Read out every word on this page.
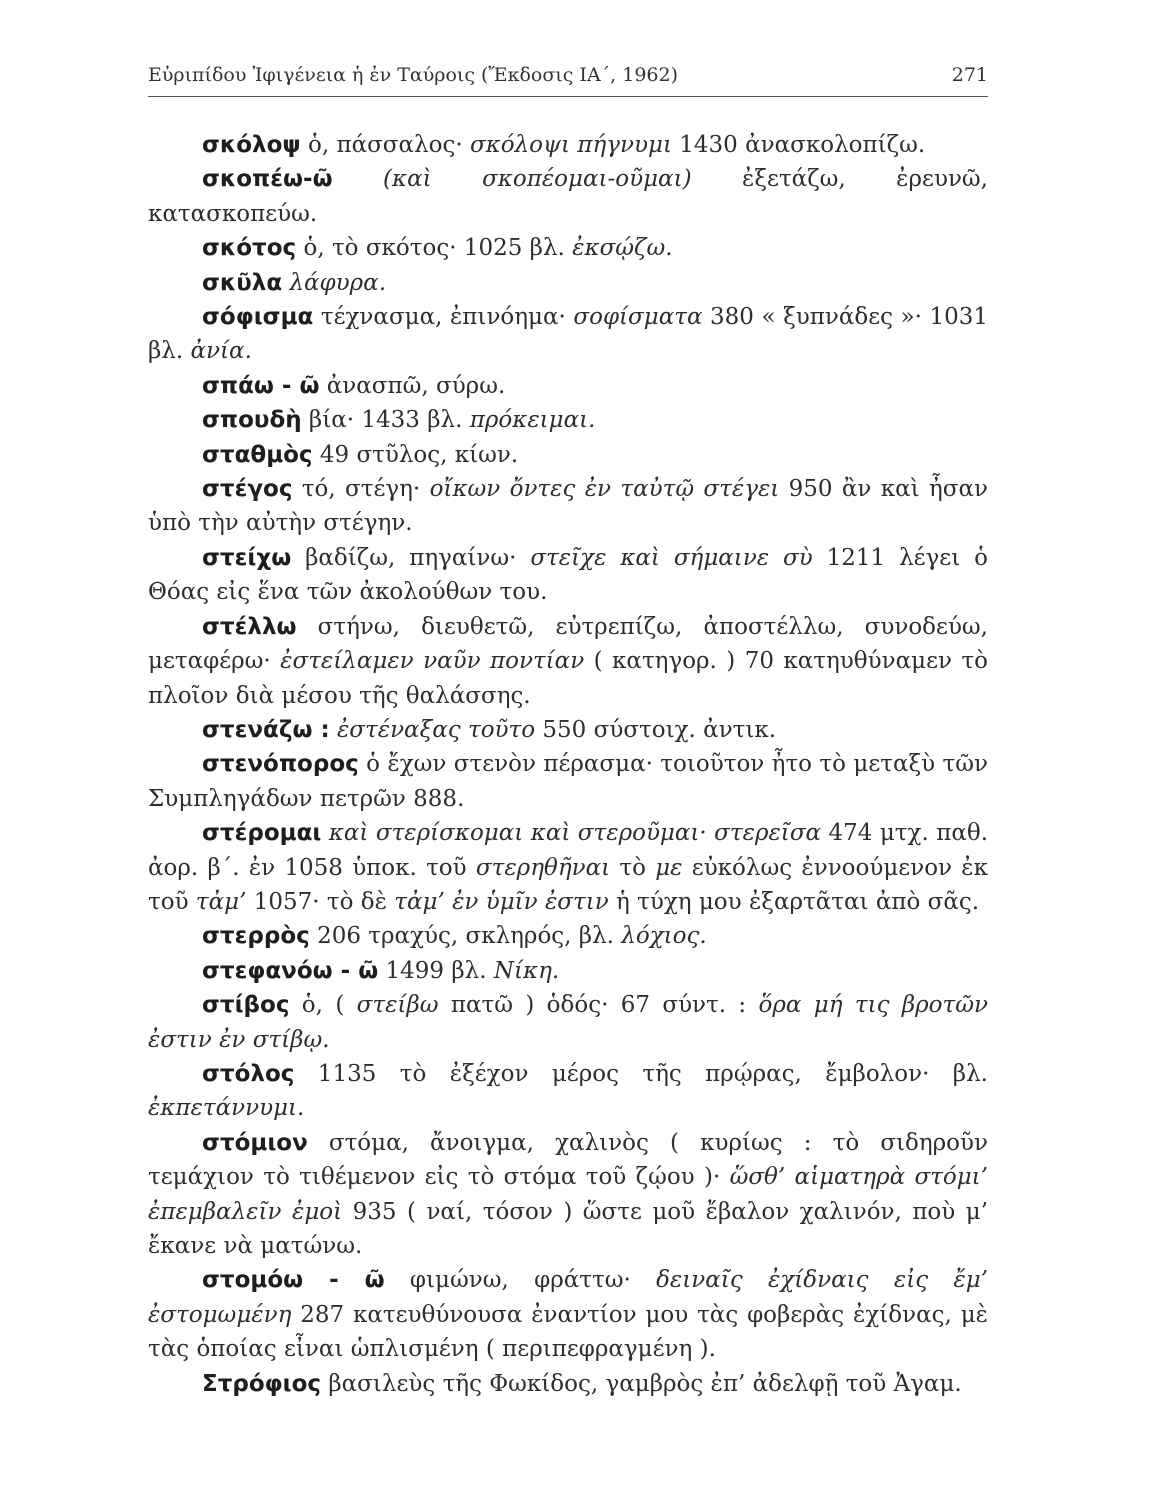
Εὐριπίδου Ἰφιγένεια ἡ ἐν Ταύροις (Ἔκδοσις ΙΑ΄, 1962)	271

σκόλοψ ὁ, πάσσαλος· σκόλοψι πήγνυμι 1430 ἀνασκολοπίζω.

σκοπέω-ῶ (καὶ σκοπέομαι-οῦμαι) ἐξετάζω, ἐρευνῶ, κατασκοπεύω.

σκότος ὁ, τὸ σκότος· 1025 βλ. ἐκσῴζω.

σκῦλα λάφυρα.

σόφισμα τέχνασμα, ἐπινόημα· σοφίσματα 380 « ξυπνάδες »· 1031 βλ. ἀνία.

σπάω - ῶ ἀνασπῶ, σύρω.

σπουδὴ βία· 1433 βλ. πρόκειμαι.

σταθμὸς 49 στῦλος, κίων.

στέγος τό, στέγη· οἴκων ὄντες ἐν ταὐτῷ στέγει 950 ἂν καὶ ἦσαν ὑπὸ τὴν αὐτὴν στέγην.

στείχω βαδίζω, πηγαίνω· στεῖχε καὶ σήμαινε σὺ 1211 λέγει ὁ Θόας εἰς ἕνα τῶν ἀκολούθων του.

στέλλω στήνω, διευθετῶ, εὐτρεπίζω, ἀποστέλλω, συνοδεύω, μεταφέρω· ἐστείλαμεν ναῦν ποντίαν ( κατηγορ. ) 70 κατηυθύναμεν τὸ πλοῖον διὰ μέσου τῆς θαλάσσης.

στενάζω : ἐστέναξας τοῦτο 550 σύστοιχ. ἀντικ.

στενόπορος ὁ ἔχων στενὸν πέρασμα· τοιοῦτον ἦτο τὸ μεταξὺ τῶν Συμπληγάδων πετρῶν 888.

στέρομαι καὶ στερίσκομαι καὶ στεροῦμαι· στερεῖσα 474 μτχ. παθ. ἀορ. β΄. ἐν 1058 ὑποκ. τοῦ στερηθῆναι τὸ με εὐκόλως ἐννοούμενον ἐκ τοῦ τἀμ’ 1057· τὸ δὲ τἀμ’ ἐν ὑμῖν ἐστιν ἡ τύχη μου ἐξαρτᾶται ἀπὸ σᾶς.

στερρὸς 206 τραχύς, σκληρός, βλ. λόχιος.

στεφανόω - ῶ 1499 βλ. Νίκη.

στίβος ὁ, ( στείβω πατῶ ) ὁδός· 67 σύντ. : ὅρα μή τις βροτῶν ἐστιν ἐν στίβῳ.

στόλος 1135 τὸ ἐξέχον μέρος τῆς πρῴρας, ἔμβολον· βλ. ἐκπετάννυμι.

στόμιον στόμα, ἄνοιγμα, χαλινὸς ( κυρίως : τὸ σιδηροῦν τεμάχιον τὸ τιθέμενον εἰς τὸ στόμα τοῦ ζῴου )· ὥσθ’ αἱματηρὰ στόμι’ ἐπεμβαλεῖν ἐμοὶ 935 ( ναί, τόσον ) ὥστε μοῦ ἔβαλον χαλινόν, ποὺ μ’ ἔκανε νὰ ματώνω.

στομόω - ῶ φιμώνω, φράττω· δειναῖς ἐχίδναις εἰς ἔμ’ ἐστομωμένη 287 κατευθύνουσα ἐναντίον μου τὰς φοβερὰς ἐχίδνας, μὲ τὰς ὁποίας εἶναι ὡπλισμένη ( περιπεφραγμένη ).

Στρόφιος βασιλεὺς τῆς Φωκίδος, γαμβρὸς ἐπ’ ἀδελφῇ τοῦ Ἀγαμ.
